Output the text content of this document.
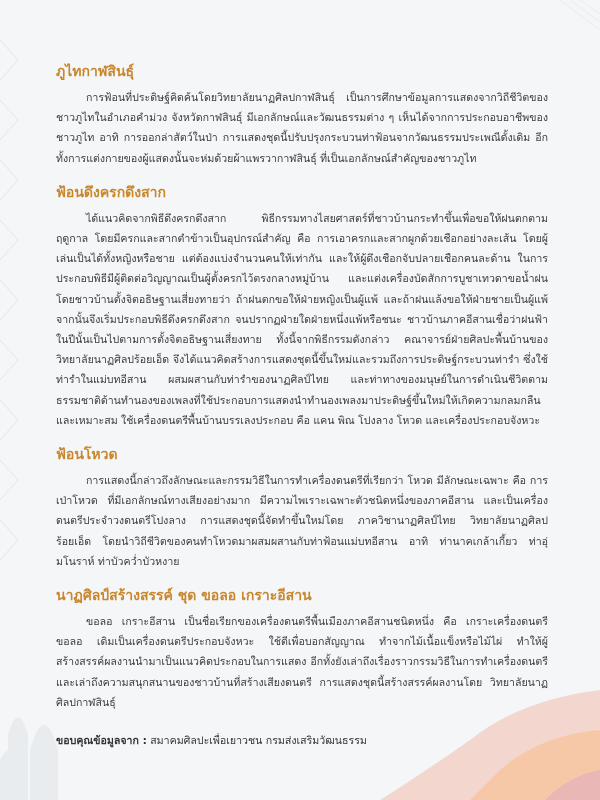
ภูไทกาฬสินธุ์

การฟ้อนที่ประดิษฐ์คิดค้นโดยวิทยาลัยนาฏศิลปกาฬสินธุ์ เป็นการศึกษาข้อมูลการแสดงจากวิถีชีวิตของชาวภูไทในอำเภอคำม่วง จังหวัดกาฬสินธุ์ มีเอกลักษณ์และวัฒนธรรมต่าง ๆ เห็นได้จากการประกอบอาชีพของชาวภูไท อาทิ การออกล่าสัตว์ในป่า การแสดงชุดนี้ปรับปรุงกระบวนท่าฟ้อนจากวัฒนธรรมประเพณีดั้งเดิม อีกทั้งการแต่งกายของผู้แสดงนั้นจะห่มด้วยผ้าแพรวากาฬสินธุ์ ที่เป็นเอกลักษณ์สำคัญของชาวภูไท

ฟ้อนดึงครกดึงสาก

ได้แนวคิดจากพิธีดึงครกดึงสาก พิธีกรรมทางไสยศาสตร์ที่ชาวบ้านกระทำขึ้นเพื่อขอให้ฝนตกตามฤดูกาล โดยมีครกและสากตำข้าวเป็นอุปกรณ์สำคัญ คือ การเอาครกและสากผูกด้วยเชือกอย่างละเส้น โดยผู้เล่นเป็นได้ทั้งหญิงหรือชาย แต่ต้องแบ่งจำนวนคนให้เท่ากัน และให้ผู้ดึงเชือกจับปลายเชือกคนละด้าน ในการประกอบพิธีมีผู้ติดต่อวิญญาณเป็นผู้ตั้งครกไว้ตรงกลางหมู่บ้าน และแต่งเครื่องบัดสักการบูชาเทวดาขอน้ำฝน โดยชาวบ้านตั้งจิตอธิษฐานเสี่ยงทายว่า ถ้าฝนตกขอให้ฝ่ายหญิงเป็นผู้แพ้ และถ้าฝนแล้งขอให้ฝ่ายชายเป็นผู้แพ้ จากนั้นจึงเริ่มประกอบพิธีดึงครกดึงสาก จนปรากฏฝ่ายใดฝ่ายหนึ่งแพ้หรือชนะ ชาวบ้านภาคอีสานเชื่อว่าฝนฟ้าในปีนั้นเป็นไปตามการตั้งจิตอธิษฐานเสี่ยงทาย ทั้งนี้จากพิธีกรรมดังกล่าว คณาจารย์ฝ่ายศิลปะพื้นบ้านของวิทยาลัยนาฏศิลปร้อยเอ็ด จึงได้แนวคิดสร้างการแสดงชุดนี้ขึ้นใหม่และรวมถึงการประดิษฐ์กระบวนท่ารำ ซึ่งใช้ท่ารำในแม่บทอีสาน ผสมผสานกับท่ารำของนาฏศิลป์ไทย และท่าทางของมนุษย์ในการดำเนินชีวิตตามธรรมชาติด้านทำนองของเพลงที่ใช้ประกอบการแสดงนำทำนองเพลงมาประดิษฐ์ขึ้นใหม่ให้เกิดความกลมกลืนและเหมาะสม ใช้เครื่องดนตรีพื้นบ้านบรรเลงประกอบ คือ แคน พิณ โปงลาง โหวด และเครื่องประกอบจังหวะ

ฟ้อนโหวด

การแสดงนี้กล่าวถึงลักษณะและกรรมวิธีในการทำเครื่องดนตรีที่เรียกว่า โหวด มีลักษณะเฉพาะ คือ การเป่าโหวด ที่มีเอกลักษณ์ทางเสียงอย่างมาก มีความไพเราะเฉพาะตัวชนิดหนึ่งของภาคอีสาน และเป็นเครื่องดนตรีประจำวงดนตรีโปงลาง การแสดงชุดนี้จัดทำขึ้นใหม่โดย ภาควิชานาฏศิลป์ไทย วิทยาลัยนาฏศิลปร้อยเอ็ด โดยนำวิถีชีวิตของคนทำโหวดมาผสมผสานกับท่าฟ้อนแม่บทอีสาน อาทิ ท่านาคเกล้าเกี้ยว ท่าอุ่มโนราห์ ท่าบัวคว่ำบัวหงาย

นาฏศิลป์สร้างสรรค์ ชุด ขอลอ เกราะอีสาน

ขอลอ เกราะอีสาน เป็นชื่อเรียกของเครื่องดนตรีพื้นเมืองภาคอีสานชนิดหนึ่ง คือ เกราะเครื่องดนตรีขอลอ เดิมเป็นเครื่องดนตรีประกอบจังหวะ ใช้ตีเพื่อบอกสัญญาณ ทำจากไม้เนื้อแข็งหรือไม้ไผ่ ทำให้ผู้สร้างสรรค์ผลงานนำมาเป็นแนวคิดประกอบในการแสดง อีกทั้งยังเล่าถึงเรื่องราวกรรมวิธีในการทำเครื่องดนตรี และเล่าถึงความสนุกสนานของชาวบ้านที่สร้างเสียงดนตรี การแสดงชุดนี้สร้างสรรค์ผลงานโดย วิทยาลัยนาฏศิลปกาฬสินธุ์

ขอบคุณข้อมูลจาก : สมาคมศิลปะเพื่อเยาวชน กรมส่งเสริมวัฒนธรรม
